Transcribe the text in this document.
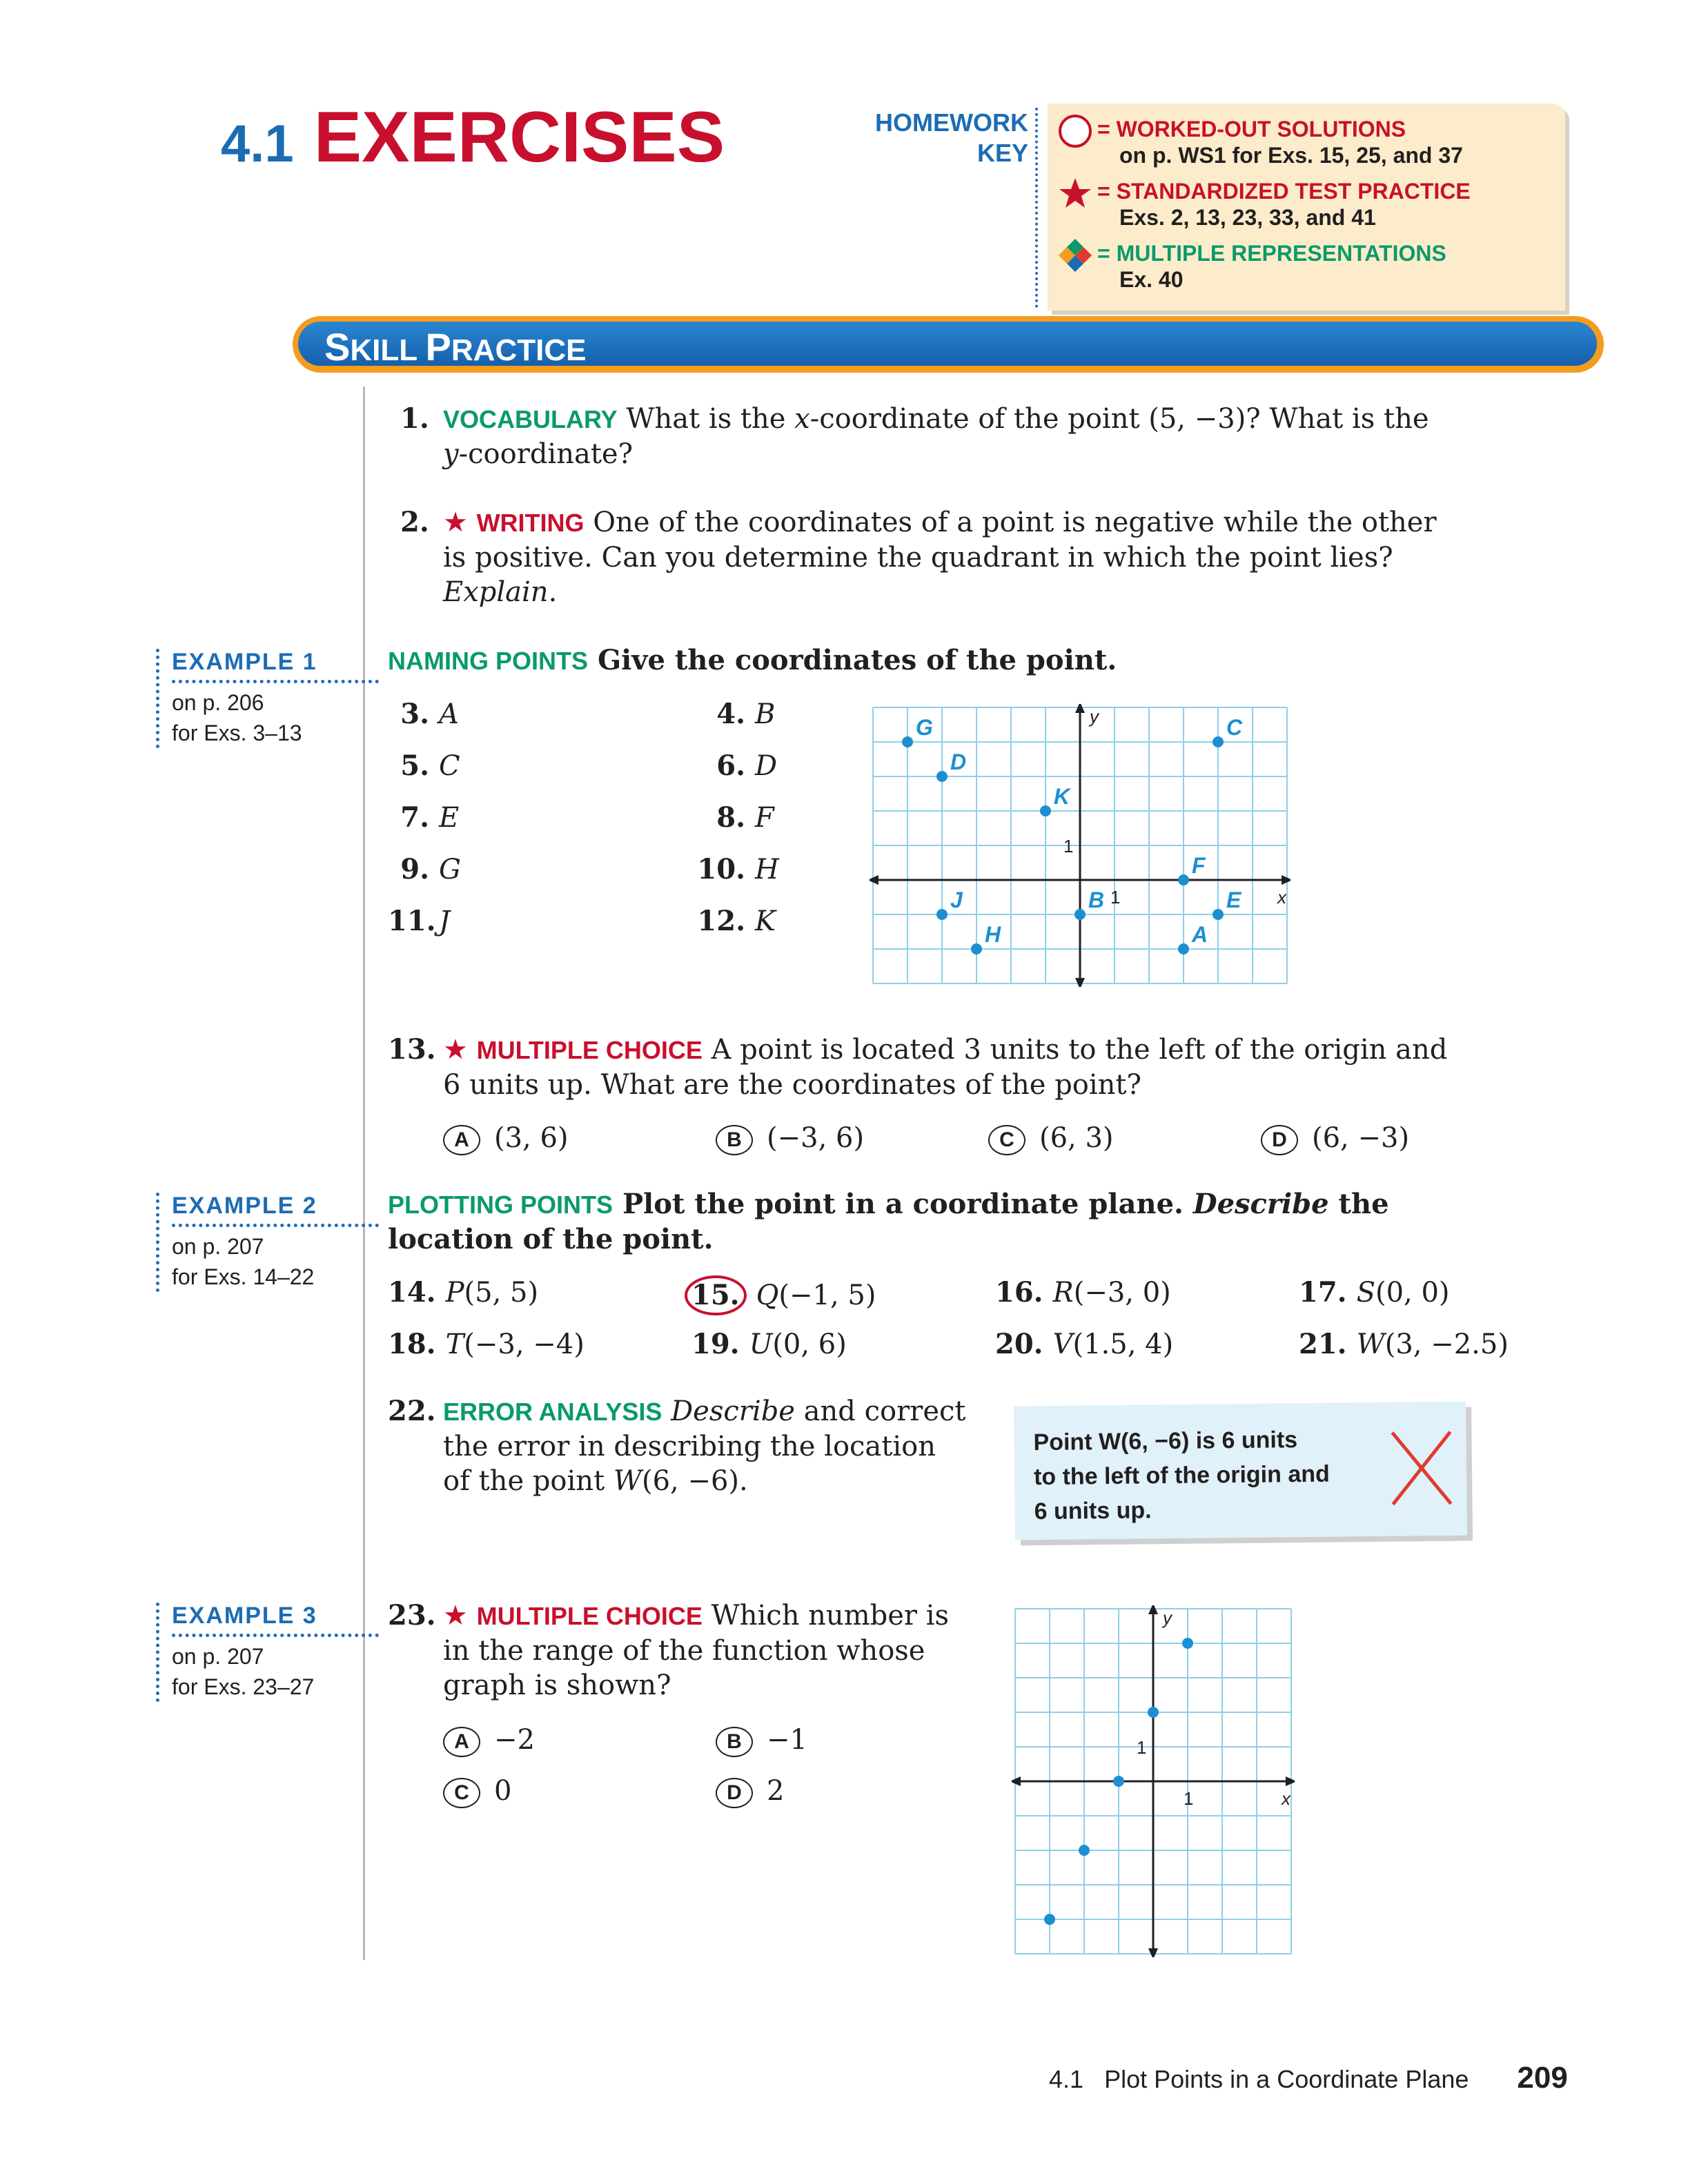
4.1 EXERCISES	HOMEWORK
KEY
= WORKED-OUT SOLUTIONS
on p. WS1 for Exs. 15, 25, and 37
= STANDARDIZED TEST PRACTICE
Exs. 2, 13, 23, 33, and 41
= MULTIPLE REPRESENTATIONS
Ex. 40
SKILL PRACTICE
EXAMPLE 1
on p. 206
for Exs. 3–13
EXAMPLE 2
on p. 207
for Exs. 14–22
EXAMPLE 3
on p. 207
for Exs. 23–27
1. VOCABULARY What is the x-coordinate of the point (5, −3)? What is the
y-coordinate?
2. ★ WRITING One of the coordinates of a point is negative while the other
is positive. Can you determine the quadrant in which the point lies?
Explain.
NAMING POINTS Give the coordinates of the point.
3. A	4. B
5. C	6. D
7. E	8. F
9. G	10. H
11. J	12. K
x
y
1
1
A
B
C
D
E
F
G
H
J
K
13. ★ MULTIPLE CHOICE A point is located 3 units to the left of the origin and
6 units up. What are the coordinates of the point?
A (3, 6)	B (−3, 6)	C (6, 3)	D (6, −3)
PLOTTING POINTS Plot the point in a coordinate plane. Describe the
location of the point.
14. P(5, 5)	15. Q(−1, 5)	16. R(−3, 0)	17. S(0, 0)
18. T(−3, −4)	19. U(0, 6)	20. V(1.5, 4)	21. W(3, −2.5)
22. ERROR ANALYSIS Describe and correct
the error in describing the location
of the point W(6, −6).
Point W(6, −6) is 6 units
to the left of the origin and
6 units up.
23. ★ MULTIPLE CHOICE Which number is
in the range of the function whose
graph is shown?
A −2	B −1
C 0	D 2	x
y
1
1
4.1 Plot Points in a Coordinate Plane 209
